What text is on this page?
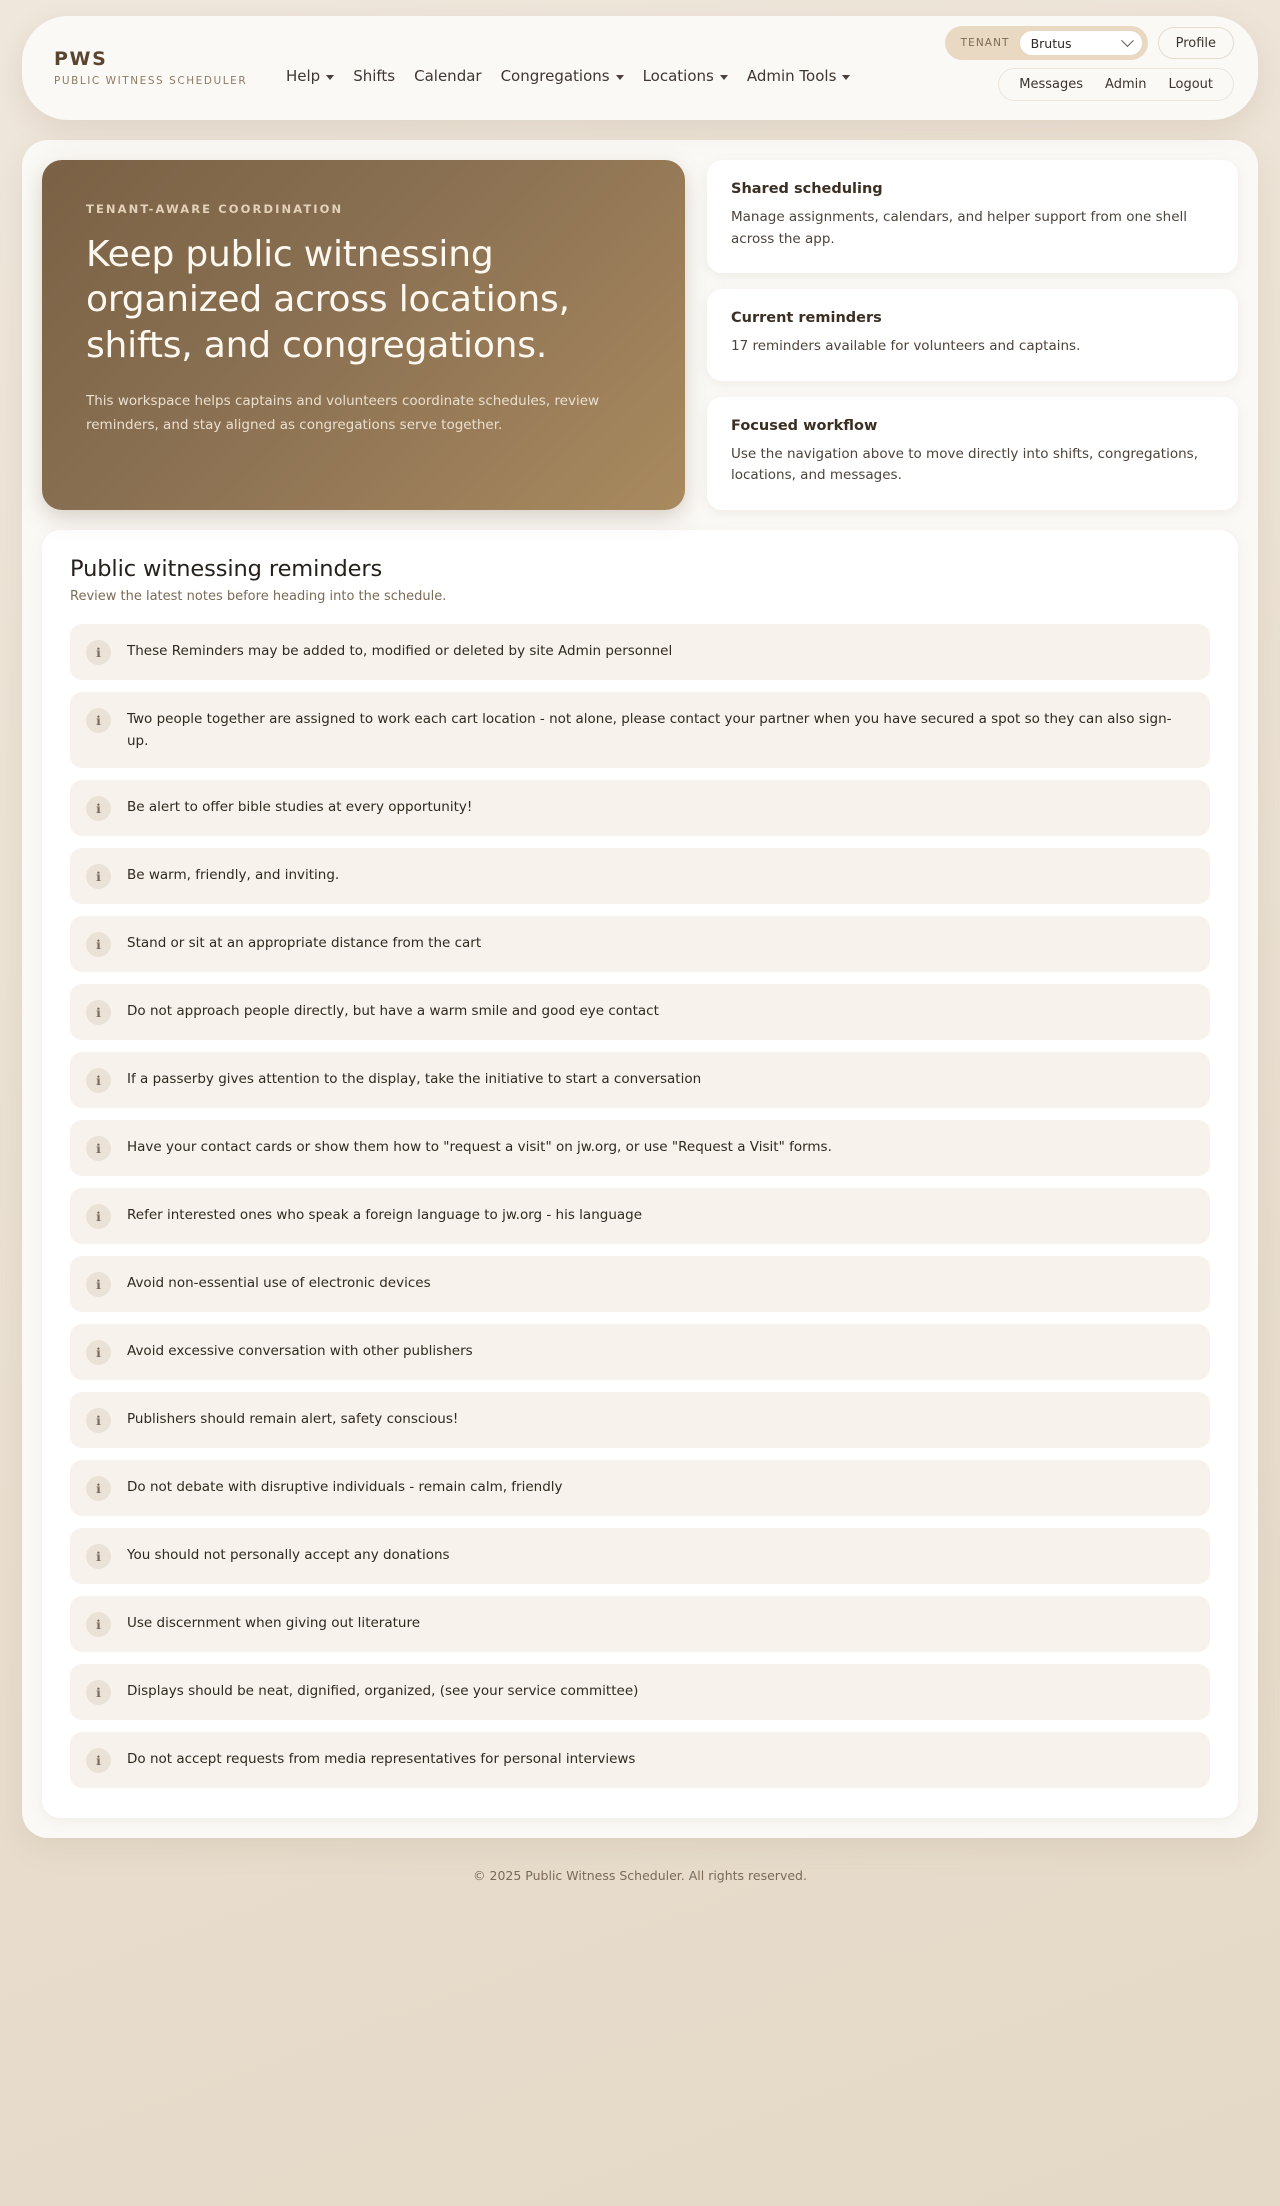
PWS
PUBLIC WITNESS SCHEDULER	Help Shifts Calendar Congregations Locations Admin Tools
TENANT Brutus	Profile
Messages Admin Logout
TENANT-AWARE COORDINATION
Keep public witnessing organized across locations, shifts, and congregations.

This workspace helps captains and volunteers coordinate schedules, review reminders, and stay aligned as congregations serve together.

Shared scheduling
Manage assignments, calendars, and helper support from one shell across the app.
Current reminders
17 reminders available for volunteers and captains.
Focused workflow
Use the navigation above to move directly into shifts, congregations, locations, and messages.
Public witnessing reminders
Review the latest notes before heading into the schedule.
i	These Reminders may be added to, modified or deleted by site Admin personnel
i	Two people together are assigned to work each cart location - not alone, please contact your partner when you have secured a spot so they can also sign-up.
i	Be alert to offer bible studies at every opportunity!
i	Be warm, friendly, and inviting.
i	Stand or sit at an appropriate distance from the cart
i	Do not approach people directly, but have a warm smile and good eye contact
i	If a passerby gives attention to the display, take the initiative to start a conversation
i	Have your contact cards or show them how to "request a visit" on jw.org, or use "Request a Visit" forms.
i	Refer interested ones who speak a foreign language to jw.org - his language
i	Avoid non-essential use of electronic devices
i	Avoid excessive conversation with other publishers
i	Publishers should remain alert, safety conscious!
i	Do not debate with disruptive individuals - remain calm, friendly
i	You should not personally accept any donations
i	Use discernment when giving out literature
i	Displays should be neat, dignified, organized, (see your service committee)
i	Do not accept requests from media representatives for personal interviews
© 2025 Public Witness Scheduler. All rights reserved.
